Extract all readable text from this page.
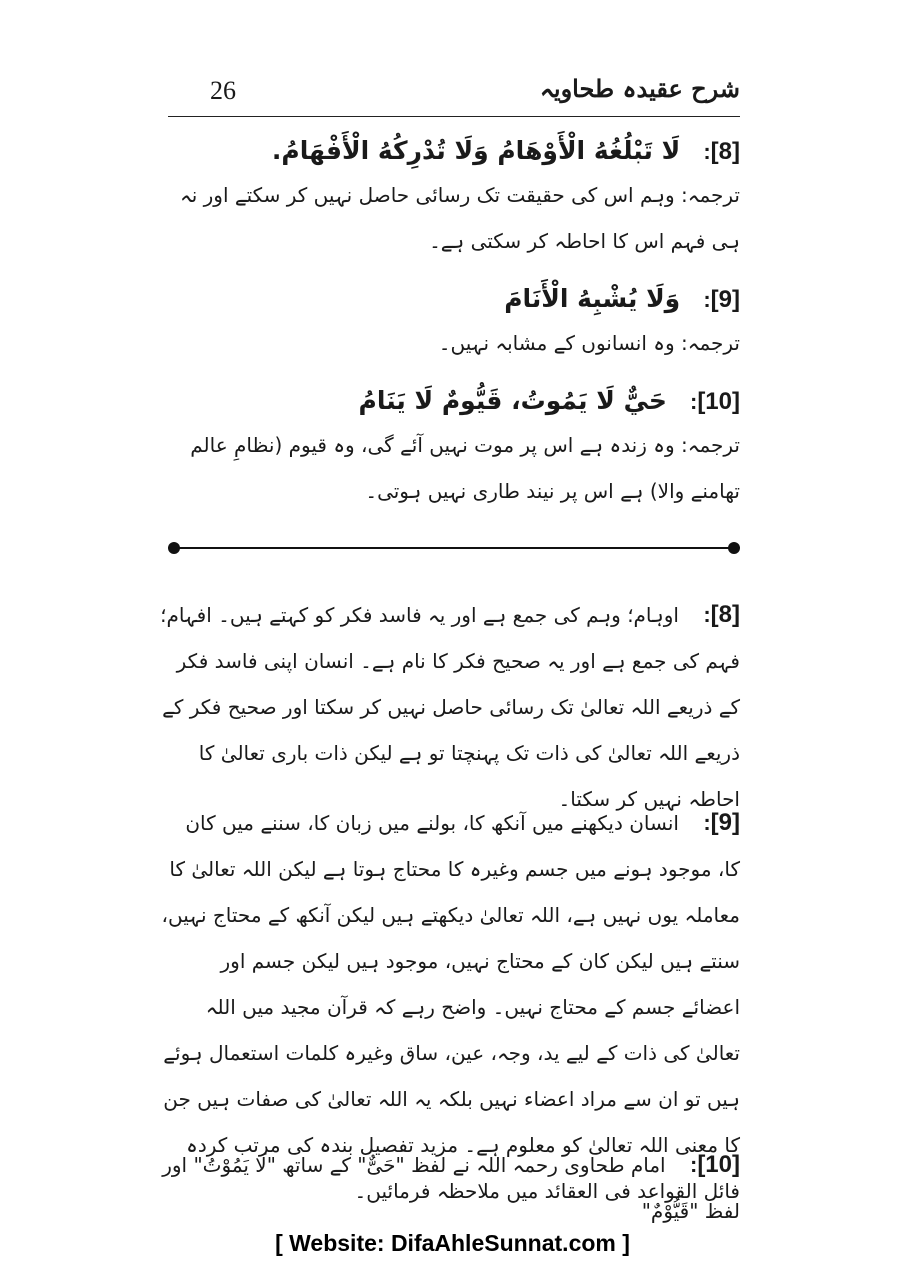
شرح عقیدہ طحاویہ
26
[8]: لَا تَبْلُغُهُ الْأَوْهَامُ وَلَا تُدْرِكُهُ الْأَفْهَامُ.
ترجمہ: وہم اس کی حقیقت تک رسائی حاصل نہیں کر سکتے اور نہ ہی فہم اس کا احاطہ کر سکتی ہے۔
[9]: وَلَا يُشْبِهُ الْأَنَامَ
ترجمہ: وہ انسانوں کے مشابہ نہیں۔
[10]: حَيٌّ لَا يَمُوتُ، قَيُّومٌ لَا يَنَامُ
ترجمہ: وہ زندہ ہے اس پر موت نہیں آئے گی، وہ قیوم (نظامِ عالم تھامنے والا) ہے اس پر نیند طاری نہیں ہوتی۔
[8]: اوہام؛ وہم کی جمع ہے اور یہ فاسد فکر کو کہتے ہیں۔ افہام؛ فہم کی جمع ہے اور یہ صحیح فکر کا نام ہے۔ انسان اپنی فاسد فکر کے ذریعے اللہ تعالیٰ تک رسائی حاصل نہیں کر سکتا اور صحیح فکر کے ذریعے اللہ تعالیٰ کی ذات تک پہنچتا تو ہے لیکن ذات باری تعالیٰ کا احاطہ نہیں کر سکتا۔
[9]: انسان دیکھنے میں آنکھ کا، بولنے میں زبان کا، سننے میں کان کا، موجود ہونے میں جسم وغیرہ کا محتاج ہوتا ہے لیکن اللہ تعالیٰ کا معاملہ یوں نہیں ہے، اللہ تعالیٰ دیکھتے ہیں لیکن آنکھ کے محتاج نہیں، سنتے ہیں لیکن کان کے محتاج نہیں، موجود ہیں لیکن جسم اور اعضائے جسم کے محتاج نہیں۔ واضح رہے کہ قرآن مجید میں اللہ تعالیٰ کی ذات کے لیے ید، وجہ، عین، ساق وغیرہ کلمات استعمال ہوئے ہیں تو ان سے مراد اعضاء نہیں بلکہ یہ اللہ تعالیٰ کی صفات ہیں جن کا معنی اللہ تعالیٰ کو معلوم ہے۔ مزید تفصیل بندہ کی مرتب کردہ فائل القواعد فی العقائد میں ملاحظہ فرمائیں۔
[10]: امام طحاوی رحمہ اللہ نے لفظ "حَیٌّ" کے ساتھ "لَا یَمُوْتُ" اور لفظ "قَیُّوْمٌ"
[ Website: DifaAhleSunnat.com ]
